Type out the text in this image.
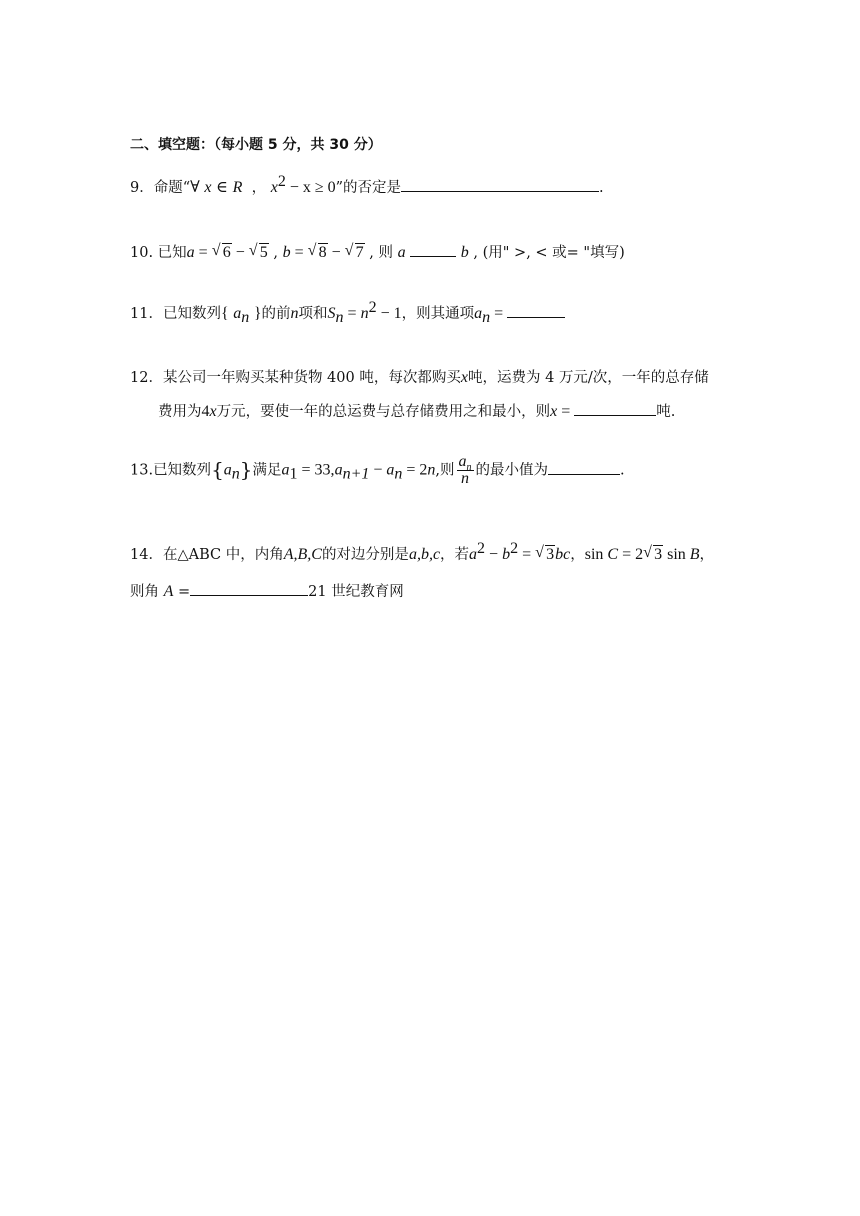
二、填空题：（每小题 5 分，共 30 分）
9．命题“∀ x ∈ R ， $x^2 - x \ge 0$”的否定是	.
10. 已知a = √ 6 − √ 5 , b = √ 8 − √ 7 , 则 a	b , (用" >, < 或= "填写)
11．已知数列{ $a_n$ }的前n项和$S_n = n^2 - 1$，则其通项$a_n$ =
12．某公司一年购买某种货物 400 吨，每次都购买x吨，运费为 4 万元/次，一年的总存储
费用为4x万元，要使一年的总运费与总存储费用之和最小，则x =	吨.
13.已知数列$\{a_n\}$满足$a_1 = 33,a_{n+1} - a_n = 2n$,则 $\frac{a_n}{n}$ 的最小值为	.
14．在△ABC 中，内角A,B,C的对边分别是a,b,c，若$a^2 - b^2$ = √ 3bc，sin C = 2√ 3 sin B，
则角 A =	21 世纪教育网
